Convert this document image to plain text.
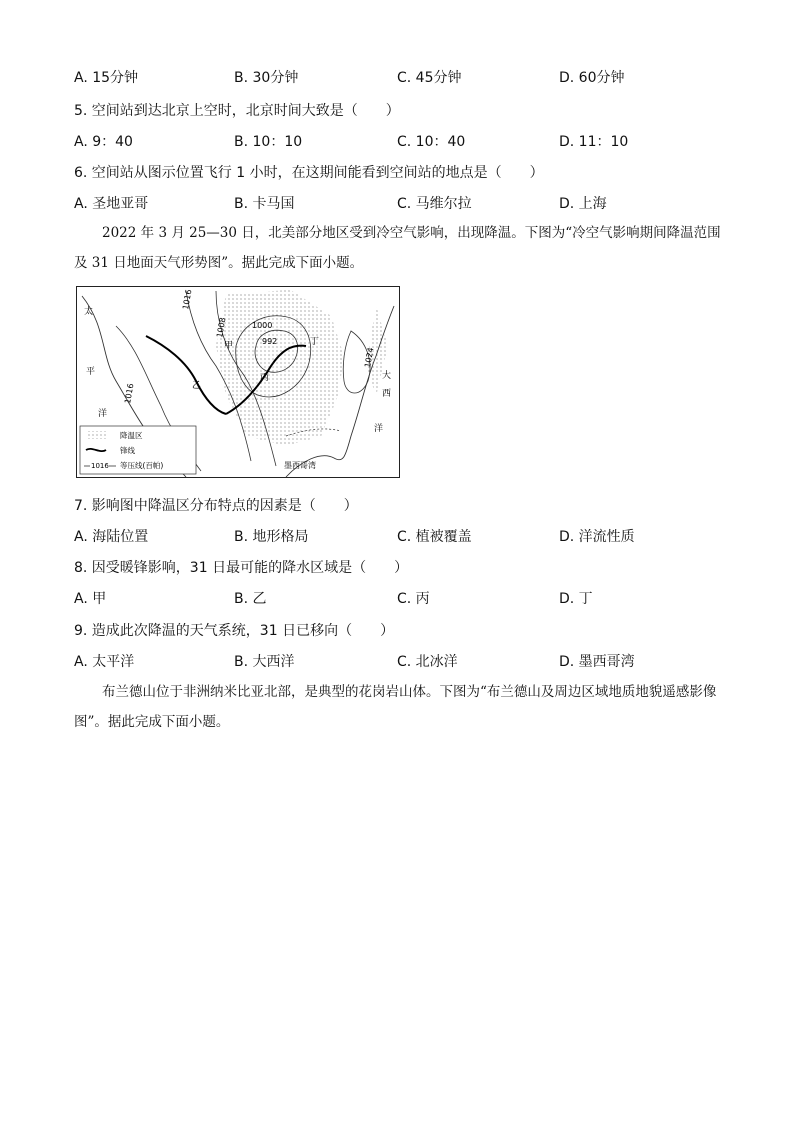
A. 15分钟	B. 30分钟	C. 45分钟	D. 60分钟
5. 空间站到达北京上空时，北京时间大致是（　　）
A. 9：40	B. 10：10	C. 10：40	D. 11：10
6. 空间站从图示位置飞行 1 小时，在这期间能看到空间站的地点是（　　）
A. 圣地亚哥	B. 卡马国	C. 马维尔拉	D. 上海
2022 年 3 月 25—30 日，北美部分地区受到冷空气影响，出现降温。下图为“冷空气影响期间降温范围及 31 日地面天气形势图”。据此完成下面小题。
1016
1008	1000
992
1016
1024
甲
乙
丙
丁
太
平
洋
大
西
洋
墨西哥湾
降温区
锋线
1016 等压线(百帕)
7. 影响图中降温区分布特点的因素是（　　）
A. 海陆位置	B. 地形格局	C. 植被覆盖	D. 洋流性质
8. 因受暖锋影响，31 日最可能的降水区域是（　　）
A. 甲	B. 乙	C. 丙	D. 丁
9. 造成此次降温的天气系统，31 日已移向（　　）
A. 太平洋	B. 大西洋	C. 北冰洋	D. 墨西哥湾
布兰德山位于非洲纳米比亚北部，是典型的花岗岩山体。下图为“布兰德山及周边区域地质地貌遥感影像图”。据此完成下面小题。
